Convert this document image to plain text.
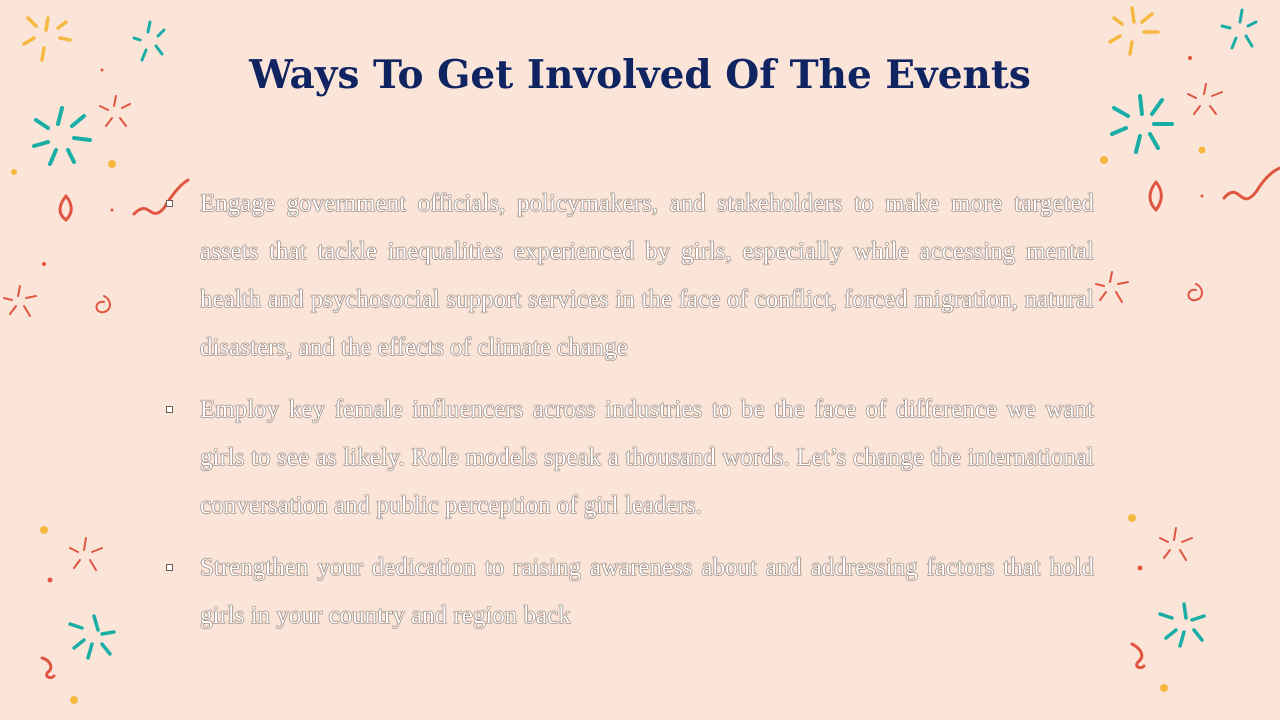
Ways To Get Involved Of The Events
Engage government officials, policymakers, and stakeholders to make more targeted assets that tackle inequalities experienced by girls, especially while accessing mental health and psychosocial support services in the face of conflict, forced migration, natural disasters, and the effects of climate change
Employ key female influencers across industries to be the face of difference we want girls to see as likely. Role models speak a thousand words. Let’s change the international conversation and public perception of girl leaders.
Strengthen your dedication to raising awareness about and addressing factors that hold girls in your country and region back
